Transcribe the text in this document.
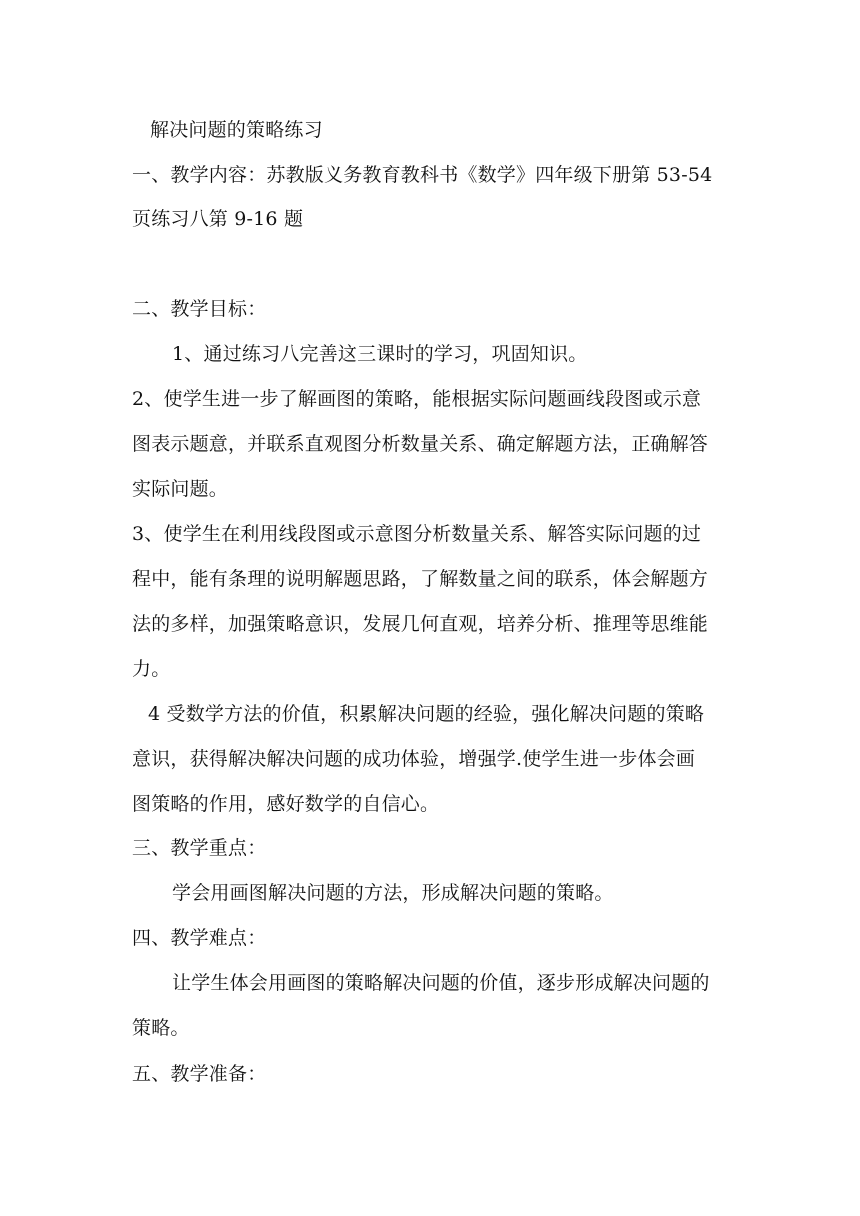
解决问题的策略练习
一、教学内容：苏教版义务教育教科书《数学》四年级下册第 53-54
页练习八第 9-16 题
二、教学目标：
1、通过练习八完善这三课时的学习，巩固知识。
2、使学生进一步了解画图的策略，能根据实际问题画线段图或示意
图表示题意，并联系直观图分析数量关系、确定解题方法，正确解答
实际问题。
3、使学生在利用线段图或示意图分析数量关系、解答实际问题的过
程中，能有条理的说明解题思路，了解数量之间的联系，体会解题方
法的多样，加强策略意识，发展几何直观，培养分析、推理等思维能
力。
4 受数学方法的价值，积累解决问题的经验，强化解决问题的策略
意识，获得解决解决问题的成功体验，增强学.使学生进一步体会画
图策略的作用，感好数学的自信心。
三、教学重点：
学会用画图解决问题的方法，形成解决问题的策略。
四、教学难点：
让学生体会用画图的策略解决问题的价值，逐步形成解决问题的
策略。
五、教学准备：
